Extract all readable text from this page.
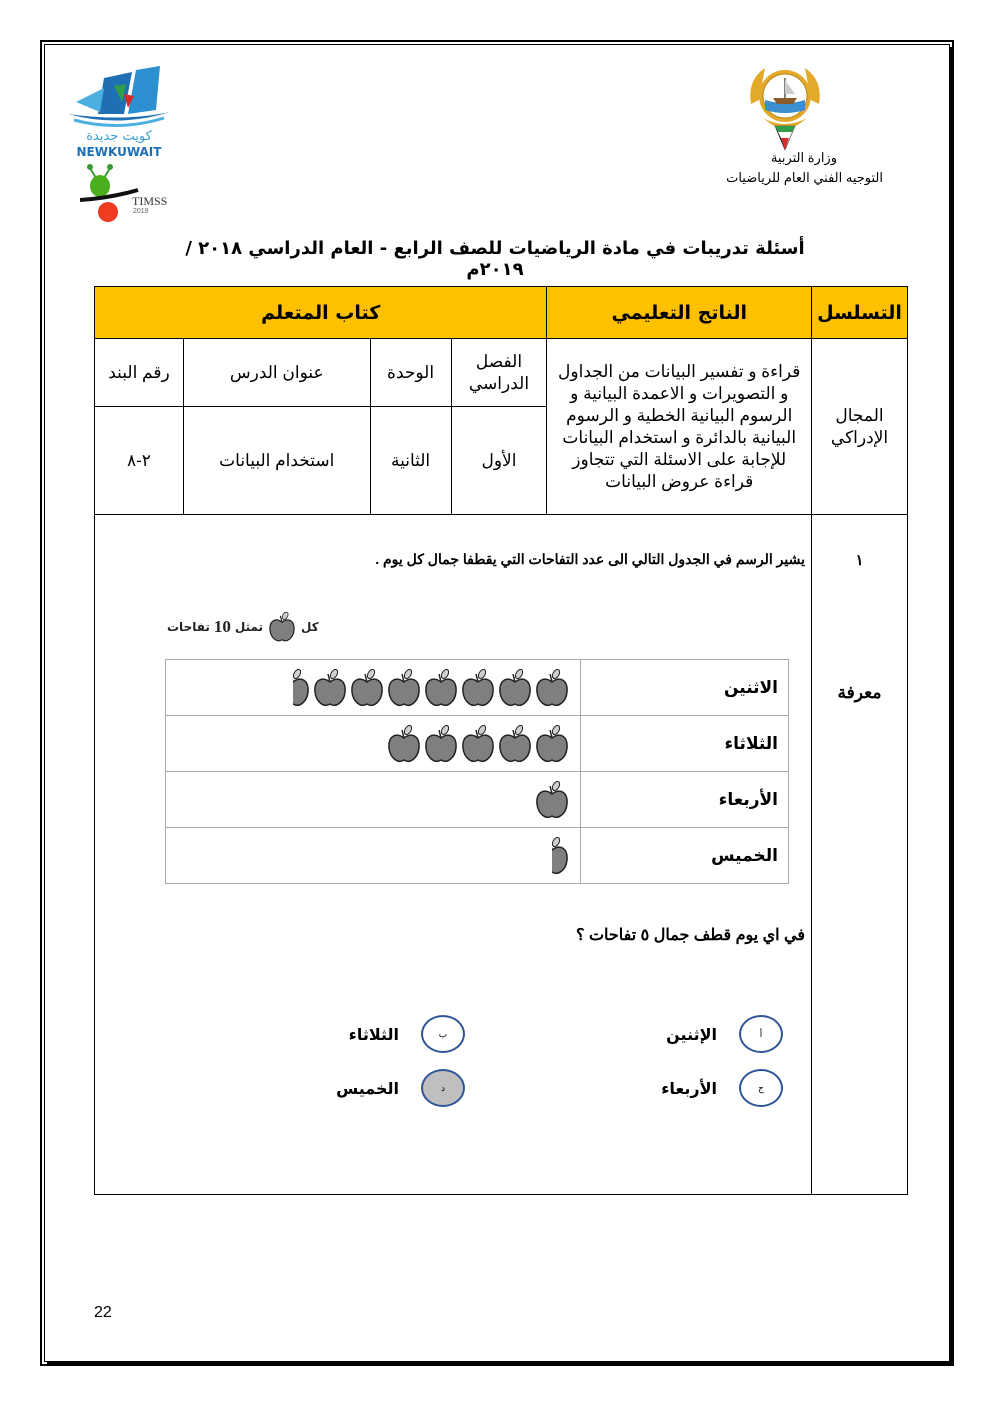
كويت جديدة
NEWKUWAIT
TIMSS
2019
وزارة التربية
التوجيه الفني العام للرياضيات
أسئلة تدريبات في مادة الرياضيات للصف الرابع - العام الدراسي ٢٠١٨ / ٢٠١٩م
التسلسل	الناتج التعليمي	كتاب المتعلم
المجال الإدراكي	قراءة و تفسير البيانات من الجداول و التصويرات و الاعمدة البيانية و الرسوم البيانية الخطية و الرسوم البيانية بالدائرة و استخدام البيانات للإجابة على الاسئلة التي تتجاوز قراءة عروض البيانات	الفصل الدراسي	الوحدة	عنوان الدرس	رقم البند
الأول	الثانية	استخدام البيانات	٢-٨

١
معرفة

يشير الرسم في الجدول التالي الى عدد التفاحات التي يقطفا جمال كل يوم .
كل
تمثل
10
تفاحات
الاثنين	

الثلاثاء	

الأربعاء	

الخميس	
في اي يوم قطف جمال ٥ تفاحات ؟
أ
الإثنين
ب
الثلاثاء
ج
الأربعاء
د
الخميس
22
